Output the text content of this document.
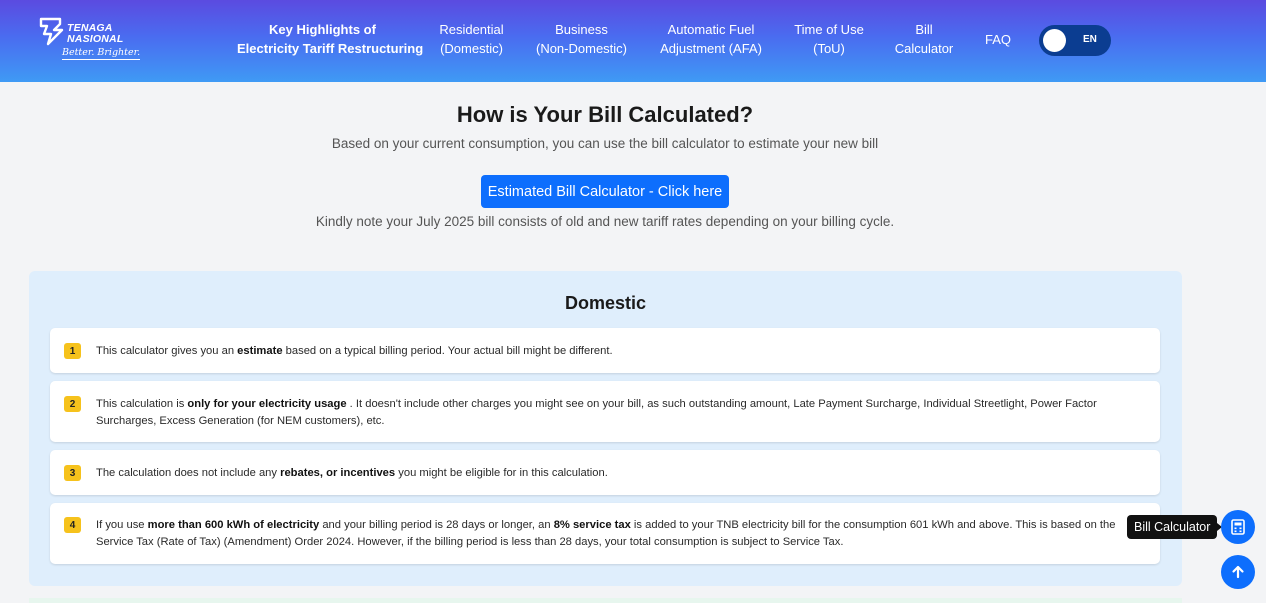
TENAGA
NASIONAL
Better. Brighter.
Key Highlights of
Electricity Tariff Restructuring
Residential
(Domestic)
Business
(Non-Domestic)
Automatic Fuel
Adjustment (AFA)
Time of Use
(ToU)
Bill
Calculator
FAQ	EN
How is Your Bill Calculated?

Based on your current consumption, you can use the bill calculator to estimate your new bill

Estimated Bill Calculator - Click here

Kindly note your July 2025 bill consists of old and new tariff rates depending on your billing cycle.

Domestic
1	This calculator gives you an estimate based on a typical billing period. Your actual bill might be different.

2	This calculation is only for your electricity usage . It doesn't include other charges you might see on your bill, as such outstanding amount, Late Payment Surcharge, Individual Streetlight, Power Factor Surcharges, Excess Generation (for NEM customers), etc.

3	The calculation does not include any rebates, or incentives you might be eligible for in this calculation.

4	If you use more than 600 kWh of electricity and your billing period is 28 days or longer, an 8% service tax is added to your TNB electricity bill for the consumption 601 kWh and above. This is based on the Service Tax (Rate of Tax) (Amendment) Order 2024. However, if the billing period is less than 28 days, your total consumption is subject to Service Tax.

Bill Calculator
